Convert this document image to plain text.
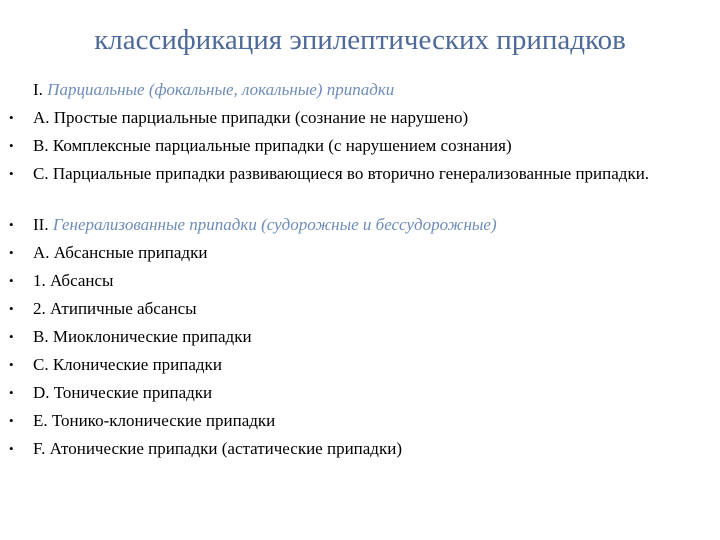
классификация эпилептических припадков
I. Парциальные (фокальные, локальные) припадки
•	А. Простые парциальные припадки (сознание не нарушено)
•	В. Комплексные парциальные припадки (с нарушением сознания)
•	С. Парциальные припадки развивающиеся во вторично генерализованные припадки.
•	II. Генерализованные припадки (судорожные и бессудорожные)
•	А. Абсансные припадки
•	1. Абсансы
•	2. Атипичные абсансы
•	В. Миоклонические припадки
•	С. Клонические припадки
•	D. Тонические припадки
•	Е. Тонико-клонические припадки
•	F. Атонические припадки (астатические припадки)
